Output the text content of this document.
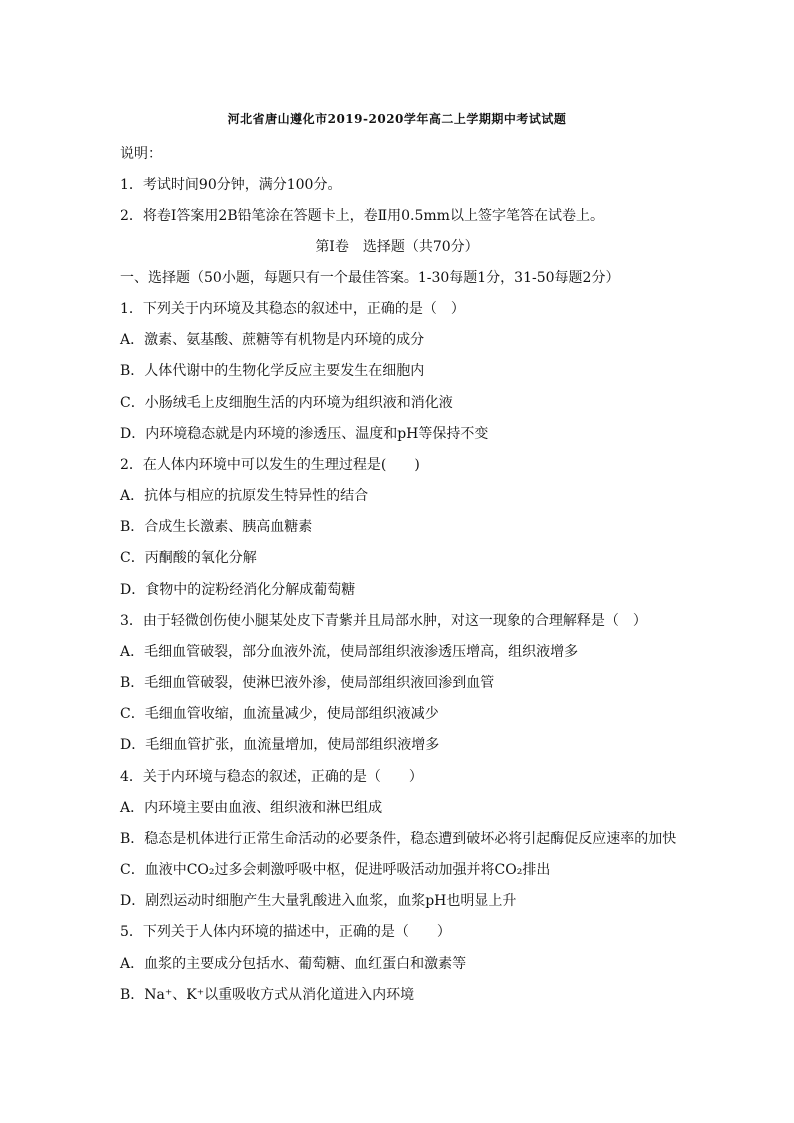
河北省唐山遵化市2019-2020学年高二上学期期中考试试题
说明：
1．考试时间90分钟，满分100分。
2．将卷Ⅰ答案用2B铅笔涂在答题卡上，卷Ⅱ用0.5mm以上签字笔答在试卷上。
第Ⅰ卷　选择题（共70分）
一、选择题（50小题，每题只有一个最佳答案。1-30每题1分，31-50每题2分）
1．下列关于内环境及其稳态的叙述中，正确的是（　）
A．激素、氨基酸、蔗糖等有机物是内环境的成分
B．人体代谢中的生物化学反应主要发生在细胞内
C．小肠绒毛上皮细胞生活的内环境为组织液和消化液
D．内环境稳态就是内环境的渗透压、温度和pH等保持不变
2．在人体内环境中可以发生的生理过程是(　　)
A．抗体与相应的抗原发生特异性的结合
B．合成生长激素、胰高血糖素
C．丙酮酸的氧化分解
D．食物中的淀粉经消化分解成葡萄糖
3．由于轻微创伤使小腿某处皮下青紫并且局部水肿，对这一现象的合理解释是（　）
A．毛细血管破裂，部分血液外流，使局部组织液渗透压增高，组织液增多
B．毛细血管破裂，使淋巴液外渗，使局部组织液回渗到血管
C．毛细血管收缩，血流量减少，使局部组织液减少
D．毛细血管扩张，血流量增加，使局部组织液增多
4．关于内环境与稳态的叙述，正确的是（　　）
A．内环境主要由血液、组织液和淋巴组成
B．稳态是机体进行正常生命活动的必要条件，稳态遭到破坏必将引起酶促反应速率的加快
C．血液中CO₂过多会刺激呼吸中枢，促进呼吸活动加强并将CO₂排出
D．剧烈运动时细胞产生大量乳酸进入血浆，血浆pH也明显上升
5．下列关于人体内环境的描述中，正确的是（　　）
A．血浆的主要成分包括水、葡萄糖、血红蛋白和激素等
B．Na⁺、K⁺以重吸收方式从消化道进入内环境
